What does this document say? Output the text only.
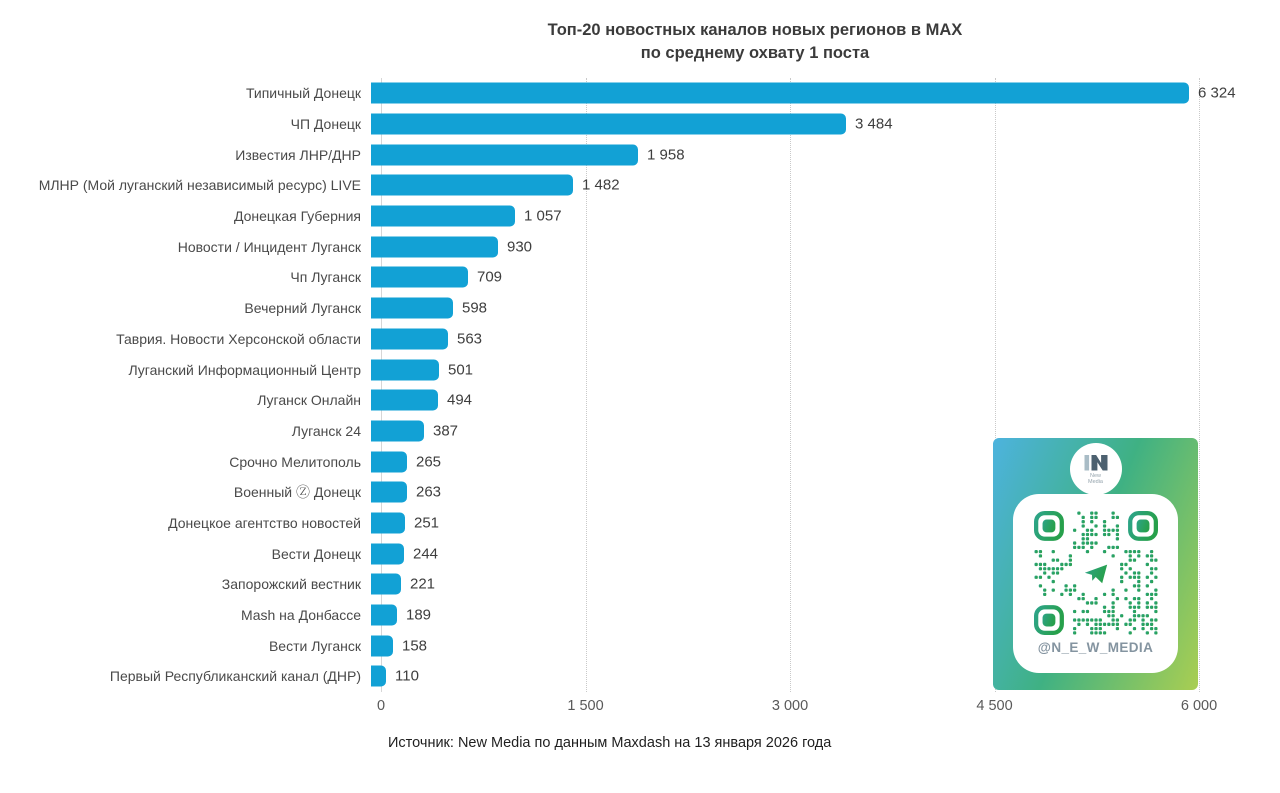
Топ-20 новостных каналов новых регионов в MAX
по среднему охвату 1 поста
Типичный Донецк	6 324
ЧП Донецк	3 484
Известия ЛНР/ДНР	1 958
МЛНР (Мой луганский независимый ресурс) LIVE	1 482
Донецкая Губерния	1 057
Новости / Инцидент Луганск	930
Чп Луганск	709
Вечерний Луганск	598
Таврия. Новости Херсонской области	563
Луганский Информационный Центр	501
Луганск Онлайн	494
Луганск 24	387
Срочно Мелитополь	265
Военный Ⓩ Донецк	263
Донецкое агентство новостей	251
Вести Донецк	244
Запорожский вестник	221
Mash на Донбассе	189
Вести Луганск	158
Первый Республиканский канал (ДНР)	110
0	1 500	3 000	4 500	6 000
Источник: New Media по данным Maxdash на 13 января 2026 года
New
Media
@N_E_W_MEDIA
